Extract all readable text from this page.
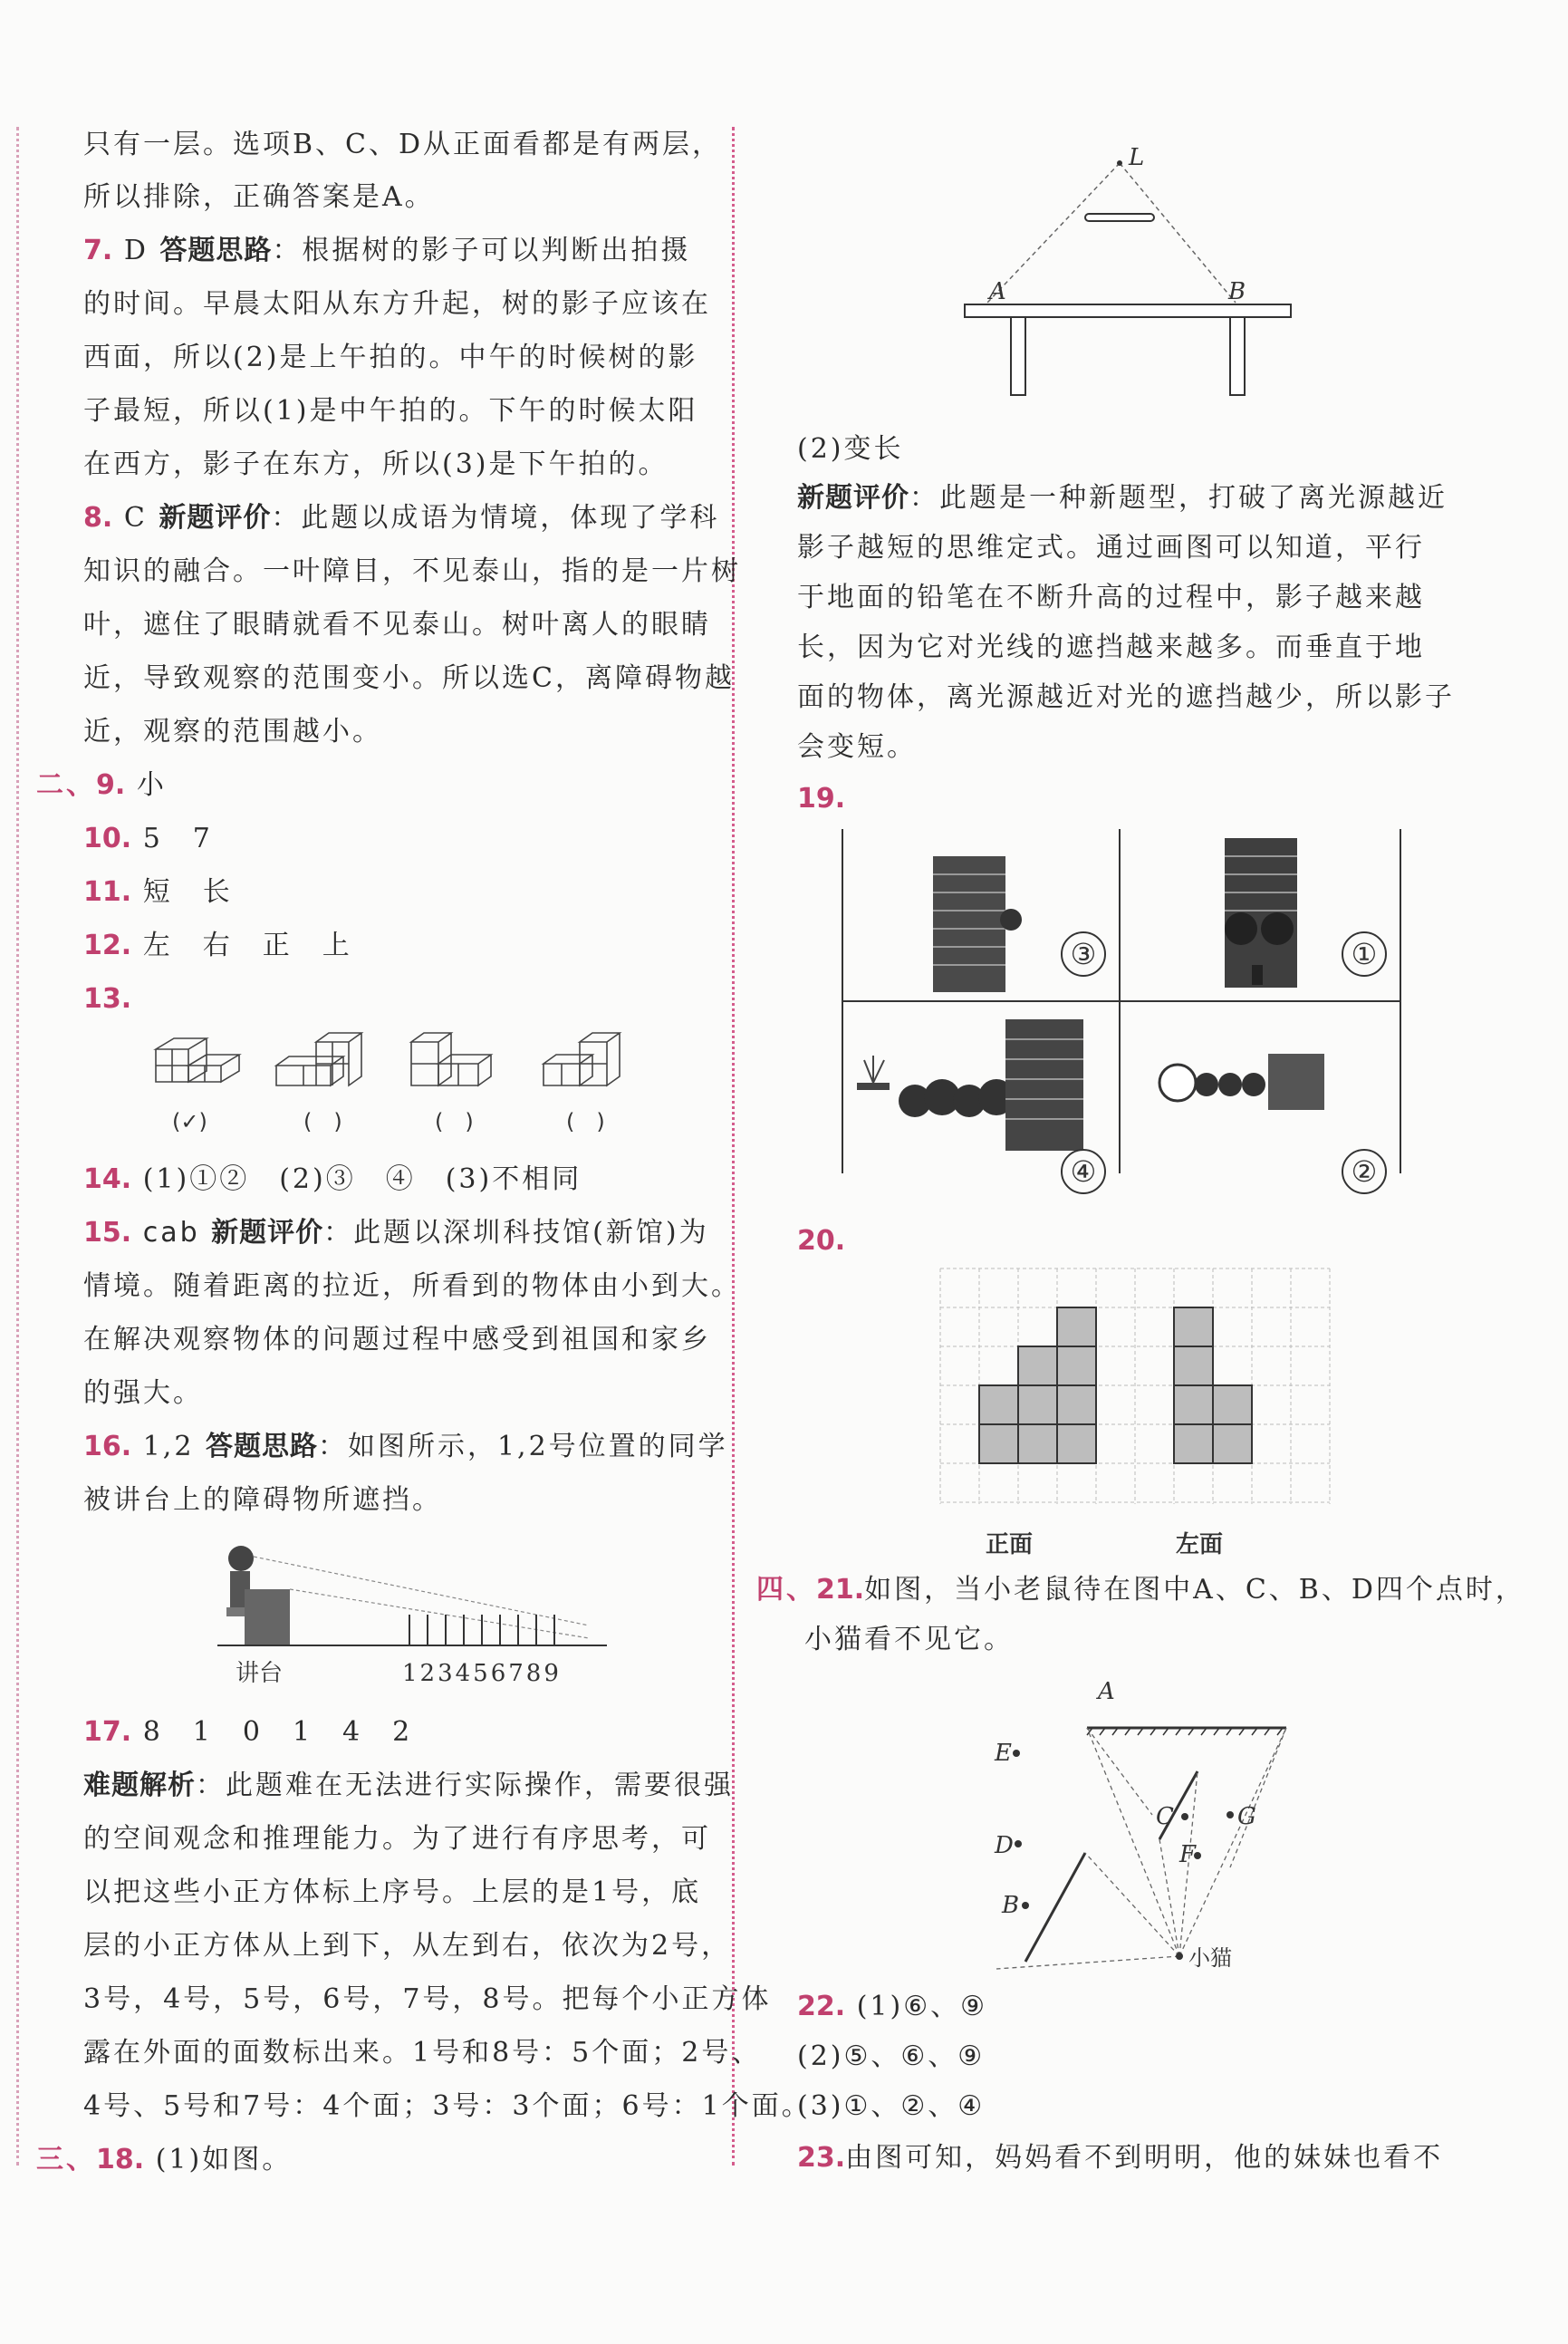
只有一层。选项B、C、D从正面看都是有两层，
所以排除，正确答案是A。
7. D 答题思路：根据树的影子可以判断出拍摄
的时间。早晨太阳从东方升起，树的影子应该在
西面，所以(2)是上午拍的。中午的时候树的影
子最短，所以(1)是中午拍的。下午的时候太阳
在西方，影子在东方，所以(3)是下午拍的。
8. C 新题评价：此题以成语为情境，体现了学科
知识的融合。一叶障目，不见泰山，指的是一片树
叶，遮住了眼睛就看不见泰山。树叶离人的眼睛
近，导致观察的范围变小。所以选C，离障碍物越
近，观察的范围越小。
二、9. 小
10. 5　7
11. 短　长
12. 左　右　正　上
13.
(✓)	(　)	(　)	(　)
14. (1)①②　(2)③　④　(3)不相同
15. cab 新题评价：此题以深圳科技馆(新馆)为
情境。随着距离的拉近，所看到的物体由小到大。
在解决观察物体的问题过程中感受到祖国和家乡
的强大。
16. 1,2 答题思路：如图所示，1,2号位置的同学
被讲台上的障碍物所遮挡。
讲台	123456789
17. 8　1　0　1　4　2
难题解析：此题难在无法进行实际操作，需要很强
的空间观念和推理能力。为了进行有序思考，可
以把这些小正方体标上序号。上层的是1号，底
层的小正方体从上到下，从左到右，依次为2号，
3号，4号，5号，6号，7号，8号。把每个小正方体
露在外面的面数标出来。1号和8号：5个面；2号、
4号、5号和7号：4个面；3号：3个面；6号：1个面。
三、18. (1)如图。
L
A	B
(2)变长
新题评价：此题是一种新题型，打破了离光源越近
影子越短的思维定式。通过画图可以知道，平行
于地面的铅笔在不断升高的过程中，影子越来越
长，因为它对光线的遮挡越来越多。而垂直于地
面的物体，离光源越近对光的遮挡越少，所以影子
会变短。
19.
③	①
④	②
20.
正面	左面
四、21.如图，当小老鼠待在图中A、C、B、D四个点时，
小猫看不见它。
A
E
C	G
D	F
B
小猫
22. (1)⑥、⑨
(2)⑤、⑥、⑨
(3)①、②、④
23.由图可知，妈妈看不到明明，他的妹妹也看不
